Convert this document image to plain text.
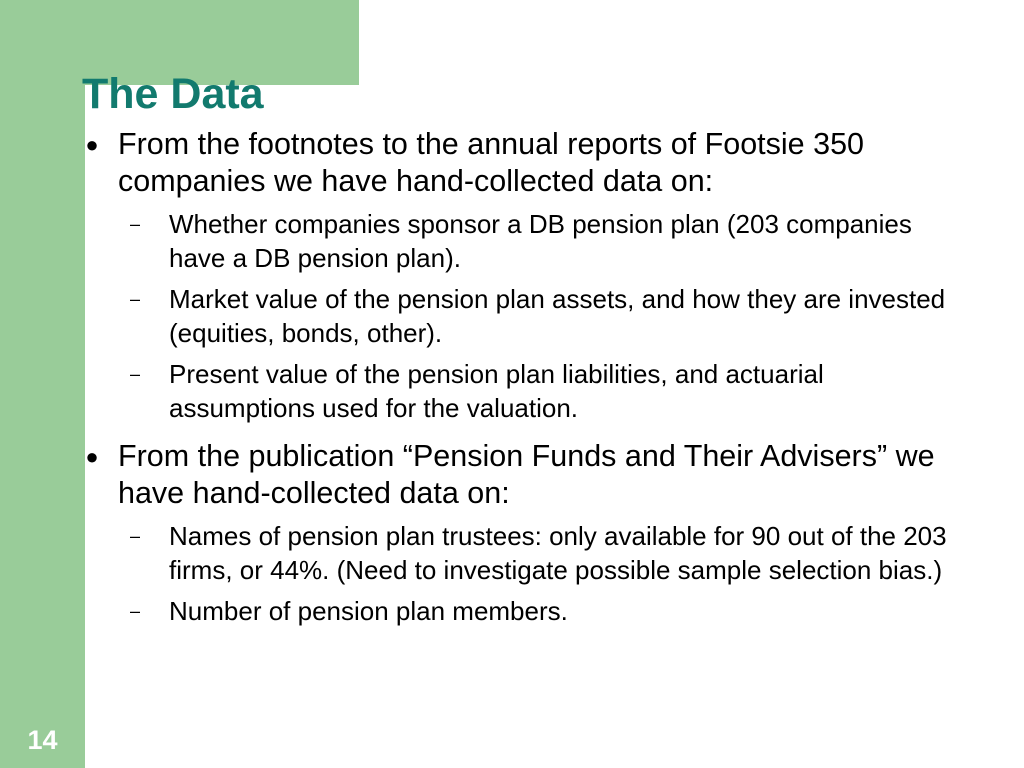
The Data
● From the footnotes to the annual reports of Footsie 350 companies we have hand-collected data on:
–	Whether companies sponsor a DB pension plan (203 companies have a DB pension plan).
–	Market value of the pension plan assets, and how they are invested (equities, bonds, other).
–	Present value of the pension plan liabilities, and actuarial assumptions used for the valuation.
● From the publication “Pension Funds and Their Advisers” we have hand-collected data on:
–	Names of pension plan trustees: only available for 90 out of the 203 firms, or 44%. (Need to investigate possible sample selection bias.)
–	Number of pension plan members.
14
